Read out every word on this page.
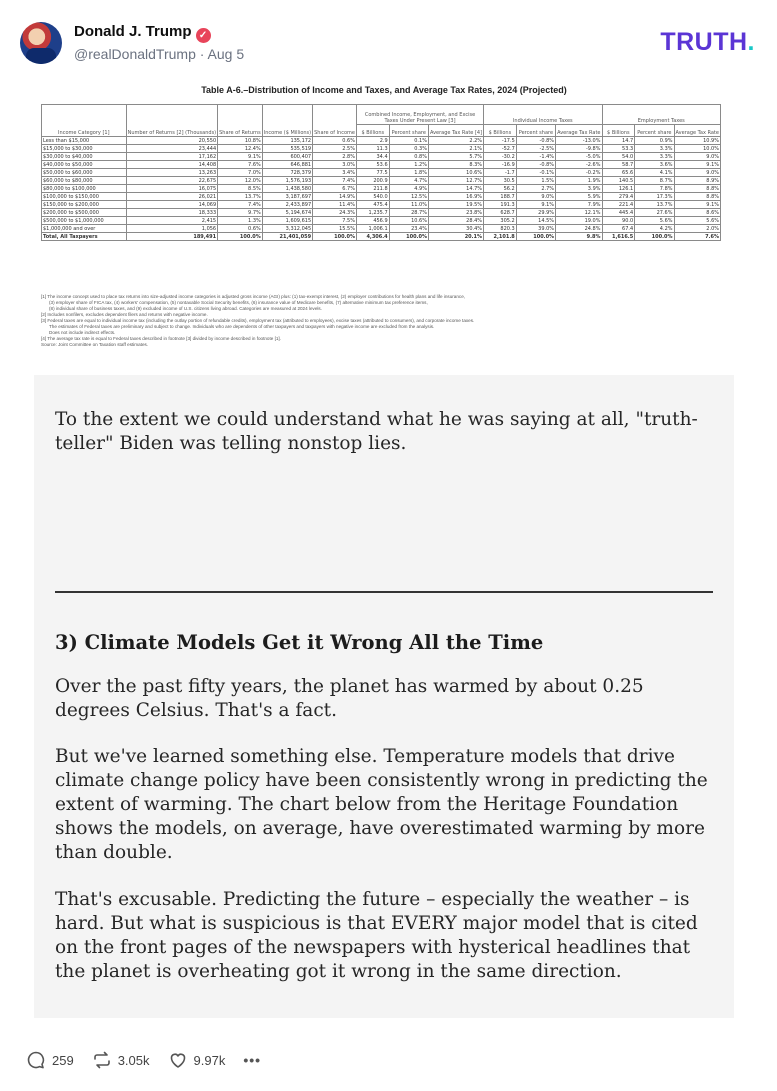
Donald J. Trump ✓
@realDonaldTrump · Aug 5	TRUTH.
Table A-6.–Distribution of Income and Taxes, and Average Tax Rates, 2024 (Projected)
Income Category [1]	Number of Returns [2] (Thousands)	Share of Returns	Income ($ Millions)	Share of Income	Combined Income, Employment, and Excise Taxes Under Present Law [3]			Individual Income Taxes			Employment Taxes		
					$ Billions	Percent share	Average Tax Rate [4]	$ Billions	Percent share	Average Tax Rate	$ Billions	Percent share	Average Tax Rate
Less than $15,000	20,550	10.8%	135,172	0.6%	2.9	0.1%	2.2%	-17.5	-0.8%	-13.0%	14.7	0.9%	10.9%
$15,000 to $30,000	23,444	12.4%	535,519	2.5%	11.3	0.3%	2.1%	-52.7	-2.5%	-9.8%	53.3	3.3%	10.0%
$30,000 to $40,000	17,162	9.1%	600,407	2.8%	34.4	0.8%	5.7%	-30.2	-1.4%	-5.0%	54.0	3.3%	9.0%
$40,000 to $50,000	14,408	7.6%	646,881	3.0%	53.6	1.2%	8.3%	-16.9	-0.8%	-2.6%	58.7	3.6%	9.1%
$50,000 to $60,000	13,263	7.0%	728,379	3.4%	77.5	1.8%	10.6%	-1.7	-0.1%	-0.2%	65.6	4.1%	9.0%
$60,000 to $80,000	22,675	12.0%	1,576,193	7.4%	200.9	4.7%	12.7%	30.5	1.5%	1.9%	140.5	8.7%	8.9%
$80,000 to $100,000	16,075	8.5%	1,438,580	6.7%	211.8	4.9%	14.7%	56.2	2.7%	3.9%	126.1	7.8%	8.8%
$100,000 to $150,000	26,021	13.7%	3,187,697	14.9%	540.0	12.5%	16.9%	188.7	9.0%	5.9%	279.4	17.3%	8.8%
$150,000 to $200,000	14,069	7.4%	2,433,897	11.4%	475.4	11.0%	19.5%	191.3	9.1%	7.9%	221.4	13.7%	9.1%
$200,000 to $500,000	18,333	9.7%	5,194,674	24.3%	1,235.7	28.7%	23.8%	628.7	29.9%	12.1%	445.4	27.6%	8.6%
$500,000 to $1,000,000	2,415	1.3%	1,609,615	7.5%	456.9	10.6%	28.4%	305.2	14.5%	19.0%	90.0	5.6%	5.6%
$1,000,000 and over	1,056	0.6%	3,312,045	15.5%	1,006.1	23.4%	30.4%	820.3	39.0%	24.8%	67.4	4.2%	2.0%
Total, All Taxpayers	189,491	100.0%	21,401,059	100.0%	4,306.4	100.0%	20.1%	2,101.8	100.0%	9.8%	1,616.5	100.0%	7.6%

[1] The income concept used to place tax returns into size-adjusted income categories is adjusted gross income (AGI) plus: (1) tax-exempt interest, (2) employer contributions for health plans and life insurance,

(3) employer share of FICA tax, (4) workers' compensation, (5) nontaxable Social Security benefits, (6) insurance value of Medicare benefits, (7) alternative minimum tax preference items,

(8) individual share of business taxes, and (9) excluded income of U.S. citizens living abroad. Categories are measured at 2024 levels.

[2] Includes nonfilers, excludes dependent filers and returns with negative income.

[3] Federal taxes are equal to individual income tax (including the outlay portion of refundable credits), employment tax (attributed to employees), excise taxes (attributed to consumers), and corporate income taxes.

The estimates of Federal taxes are preliminary and subject to change. Individuals who are dependents of other taxpayers and taxpayers with negative income are excluded from the analysis.

Does not include indirect effects.

[4] The average tax rate is equal to Federal taxes described in footnote [3] divided by income described in footnote [1].

Source: Joint Committee on Taxation staff estimates.

To the extent we could understand what he was saying at all, "truth-teller" Biden was telling nonstop lies.
3) Climate Models Get it Wrong All the Time
Over the past fifty years, the planet has warmed by about 0.25 degrees Celsius. That's a fact.
But we've learned something else. Temperature models that drive climate change policy have been consistently wrong in predicting the extent of warming. The chart below from the Heritage Foundation shows the models, on average, have overestimated warming by more than double.
That's excusable. Predicting the future – especially the weather – is hard. But what is suspicious is that EVERY major model that is cited on the front pages of the newspapers with hysterical headlines that the planet is overheating got it wrong in the same direction.
259	3.05k	9.97k •••
